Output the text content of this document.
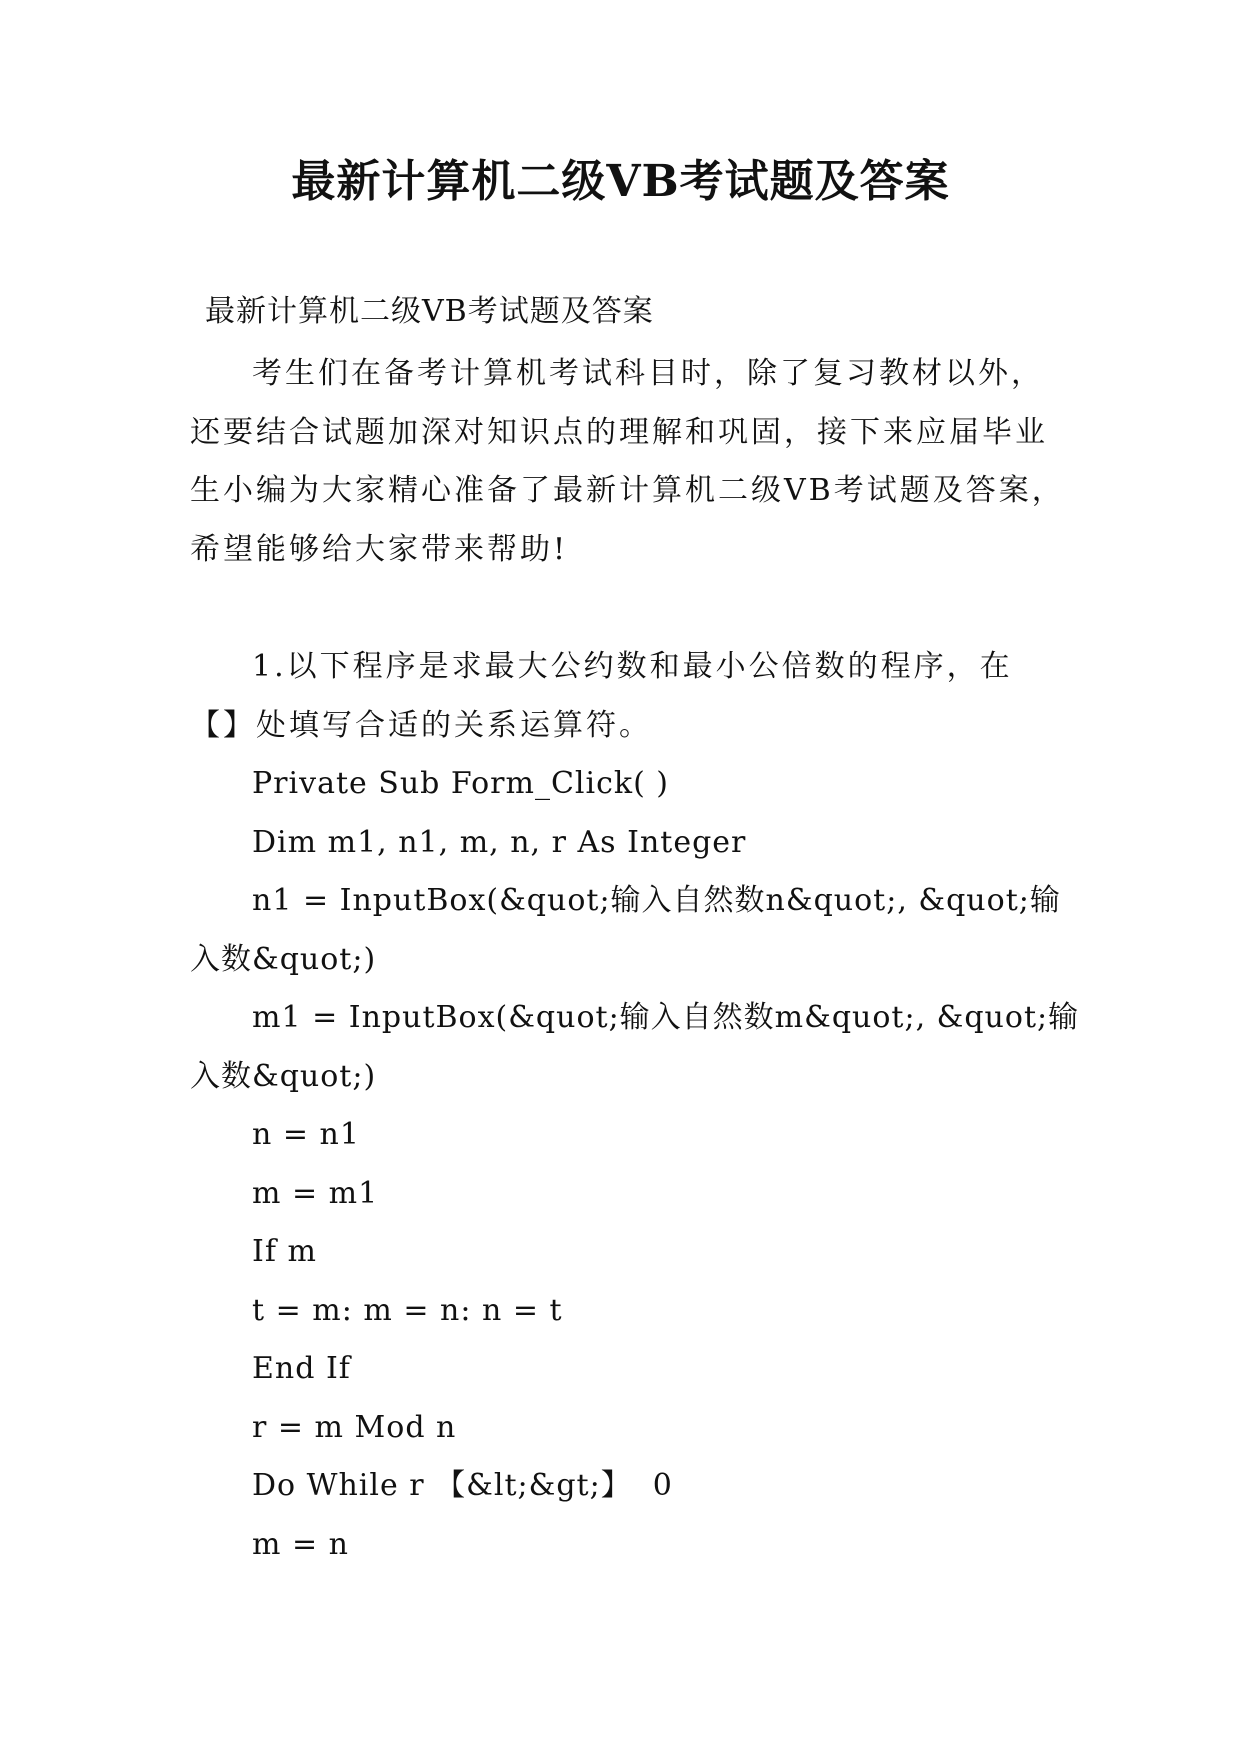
最新计算机二级VB考试题及答案
最新计算机二级VB考试题及答案
考生们在备考计算机考试科目时，除了复习教材以外，
还要结合试题加深对知识点的理解和巩固，接下来应届毕业
生小编为大家精心准备了最新计算机二级VB考试题及答案，
希望能够给大家带来帮助!
1.以下程序是求最大公约数和最小公倍数的程序，在
【】处填写合适的关系运算符。
Private Sub Form_Click( )
Dim m1, n1, m, n, r As Integer
n1 = InputBox(&quot;输入自然数n&quot;, &quot;输
入数&quot;)
m1 = InputBox(&quot;输入自然数m&quot;, &quot;输
入数&quot;)
n = n1
m = m1
If m
t = m: m = n: n = t
End If
r = m Mod n
Do While r 【&lt;&gt;】  0
m = n
